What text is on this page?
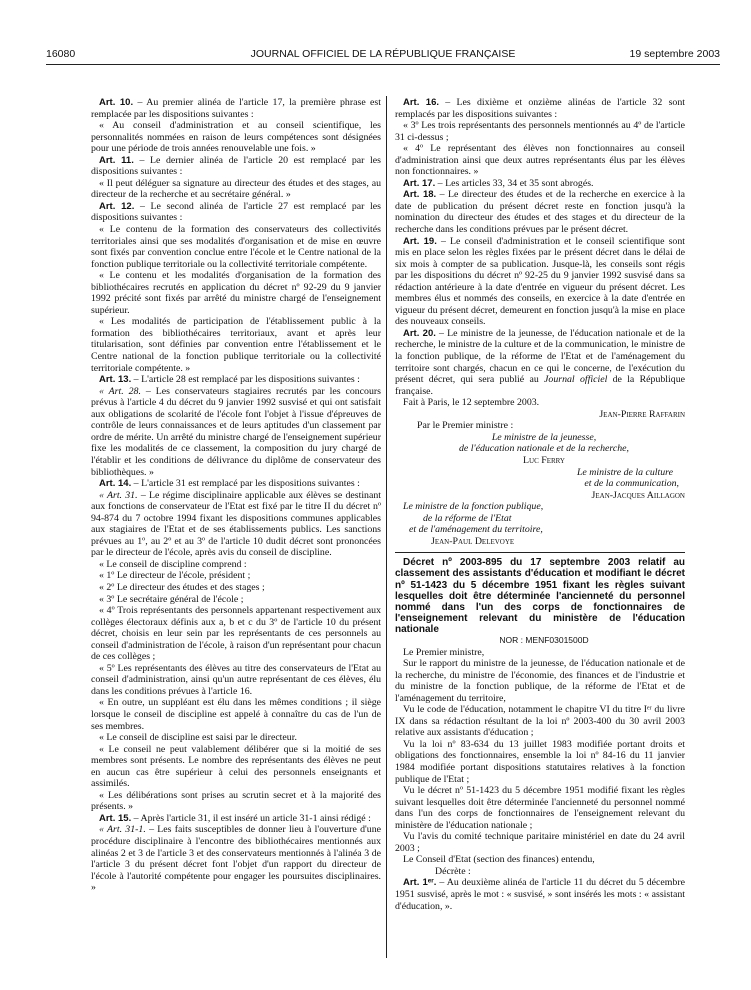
16080	JOURNAL OFFICIEL DE LA RÉPUBLIQUE FRANÇAISE	19 septembre 2003

Art. 10. – Au premier alinéa de l'article 17, la première phrase est remplacée par les dispositions suivantes :

« Au conseil d'administration et au conseil scientifique, les personnalités nommées en raison de leurs compétences sont désignées pour une période de trois années renouvelable une fois. »

Art. 11. – Le dernier alinéa de l'article 20 est remplacé par les dispositions suivantes :

« Il peut déléguer sa signature au directeur des études et des stages, au directeur de la recherche et au secrétaire général. »

Art. 12. – Le second alinéa de l'article 27 est remplacé par les dispositions suivantes :

« Le contenu de la formation des conservateurs des collectivités territoriales ainsi que ses modalités d'organisation et de mise en œuvre sont fixés par convention conclue entre l'école et le Centre national de la fonction publique territoriale ou la collectivité territoriale compétente.

« Le contenu et les modalités d'organisation de la formation des bibliothécaires recrutés en application du décret nº 92-29 du 9 janvier 1992 précité sont fixés par arrêté du ministre chargé de l'enseignement supérieur.

« Les modalités de participation de l'établissement public à la formation des bibliothécaires territoriaux, avant et après leur titularisation, sont définies par convention entre l'établissement et le Centre national de la fonction publique territoriale ou la collectivité territoriale compétente. »

Art. 13. – L'article 28 est remplacé par les dispositions suivantes :

« Art. 28. – Les conservateurs stagiaires recrutés par les concours prévus à l'article 4 du décret du 9 janvier 1992 susvisé et qui ont satisfait aux obligations de scolarité de l'école font l'objet à l'issue d'épreuves de contrôle de leurs connaissances et de leurs aptitudes d'un classement par ordre de mérite. Un arrêté du ministre chargé de l'enseignement supérieur fixe les modalités de ce classement, la composition du jury chargé de l'établir et les conditions de délivrance du diplôme de conservateur des bibliothèques. »

Art. 14. – L'article 31 est remplacé par les dispositions suivantes :

« Art. 31. – Le régime disciplinaire applicable aux élèves se destinant aux fonctions de conservateur de l'Etat est fixé par le titre II du décret nº 94-874 du 7 octobre 1994 fixant les dispositions communes applicables aux stagiaires de l'Etat et de ses établissements publics. Les sanctions prévues au 1º, au 2º et au 3º de l'article 10 dudit décret sont prononcées par le directeur de l'école, après avis du conseil de discipline.

« Le conseil de discipline comprend :

« 1º Le directeur de l'école, président ;

« 2º Le directeur des études et des stages ;

« 3º Le secrétaire général de l'école ;

« 4º Trois représentants des personnels appartenant respectivement aux collèges électoraux définis aux a, b et c du 3º de l'article 10 du présent décret, choisis en leur sein par les représentants de ces personnels au conseil d'administration de l'école, à raison d'un représentant pour chacun de ces collèges ;

« 5º Les représentants des élèves au titre des conservateurs de l'Etat au conseil d'administration, ainsi qu'un autre représentant de ces élèves, élu dans les conditions prévues à l'article 16.

« En outre, un suppléant est élu dans les mêmes conditions ; il siège lorsque le conseil de discipline est appelé à connaître du cas de l'un de ses membres.

« Le conseil de discipline est saisi par le directeur.

« Le conseil ne peut valablement délibérer que si la moitié de ses membres sont présents. Le nombre des représentants des élèves ne peut en aucun cas être supérieur à celui des personnels enseignants et assimilés.

« Les délibérations sont prises au scrutin secret et à la majorité des présents. »

Art. 15. – Après l'article 31, il est inséré un article 31-1 ainsi rédigé :

« Art. 31-1. – Les faits susceptibles de donner lieu à l'ouverture d'une procédure disciplinaire à l'encontre des bibliothécaires mentionnés aux alinéas 2 et 3 de l'article 3 et des conservateurs mentionnés à l'alinéa 3 de l'article 3 du présent décret font l'objet d'un rapport du directeur de l'école à l'autorité compétente pour engager les poursuites disciplinaires. »

Art. 16. – Les dixième et onzième alinéas de l'article 32 sont remplacés par les dispositions suivantes :

« 3º Les trois représentants des personnels mentionnés au 4º de l'article 31 ci-dessus ;

« 4º Le représentant des élèves non fonctionnaires au conseil d'administration ainsi que deux autres représentants élus par les élèves non fonctionnaires. »

Art. 17. – Les articles 33, 34 et 35 sont abrogés.

Art. 18. – Le directeur des études et de la recherche en exercice à la date de publication du présent décret reste en fonction jusqu'à la nomination du directeur des études et des stages et du directeur de la recherche dans les conditions prévues par le présent décret.

Art. 19. – Le conseil d'administration et le conseil scientifique sont mis en place selon les règles fixées par le présent décret dans le délai de six mois à compter de sa publication. Jusque-là, les conseils sont régis par les dispositions du décret nº 92-25 du 9 janvier 1992 susvisé dans sa rédaction antérieure à la date d'entrée en vigueur du présent décret. Les membres élus et nommés des conseils, en exercice à la date d'entrée en vigueur du présent décret, demeurent en fonction jusqu'à la mise en place des nouveaux conseils.

Art. 20. – Le ministre de la jeunesse, de l'éducation nationale et de la recherche, le ministre de la culture et de la communication, le ministre de la fonction publique, de la réforme de l'Etat et de l'aménagement du territoire sont chargés, chacun en ce qui le concerne, de l'exécution du présent décret, qui sera publié au Journal officiel de la République française.

Fait à Paris, le 12 septembre 2003.

Jean-Pierre Raffarin

Par le Premier ministre :

Le ministre de la jeunesse,

de l'éducation nationale et de la recherche,

Luc Ferry

Le ministre de la culture

et de la communication,

Jean-Jacques Aillagon

Le ministre de la fonction publique,

de la réforme de l'Etat

et de l'aménagement du territoire,

Jean-Paul Delevoye

Décret nº 2003-895 du 17 septembre 2003 relatif au classement des assistants d'éducation et modifiant le décret nº 51-1423 du 5 décembre 1951 fixant les règles suivant lesquelles doit être déterminée l'ancienneté du personnel nommé dans l'un des corps de fonctionnaires de l'enseignement relevant du ministère de l'éducation nationale

NOR : MENF0301500D

Le Premier ministre,

Sur le rapport du ministre de la jeunesse, de l'éducation nationale et de la recherche, du ministre de l'économie, des finances et de l'industrie et du ministre de la fonction publique, de la réforme de l'Etat et de l'aménagement du territoire,

Vu le code de l'éducation, notamment le chapitre VI du titre Iᵉʳ du livre IX dans sa rédaction résultant de la loi nº 2003-400 du 30 avril 2003 relative aux assistants d'éducation ;

Vu la loi nº 83-634 du 13 juillet 1983 modifiée portant droits et obligations des fonctionnaires, ensemble la loi nº 84-16 du 11 janvier 1984 modifiée portant dispositions statutaires relatives à la fonction publique de l'Etat ;

Vu le décret nº 51-1423 du 5 décembre 1951 modifié fixant les règles suivant lesquelles doit être déterminée l'ancienneté du personnel nommé dans l'un des corps de fonctionnaires de l'enseignement relevant du ministère de l'éducation nationale ;

Vu l'avis du comité technique paritaire ministériel en date du 24 avril 2003 ;

Le Conseil d'Etat (section des finances) entendu,

Décrète :

Art. 1ᵉʳ. – Au deuxième alinéa de l'article 11 du décret du 5 décembre 1951 susvisé, après le mot : « susvisé, » sont insérés les mots : « assistant d'éducation, ».
